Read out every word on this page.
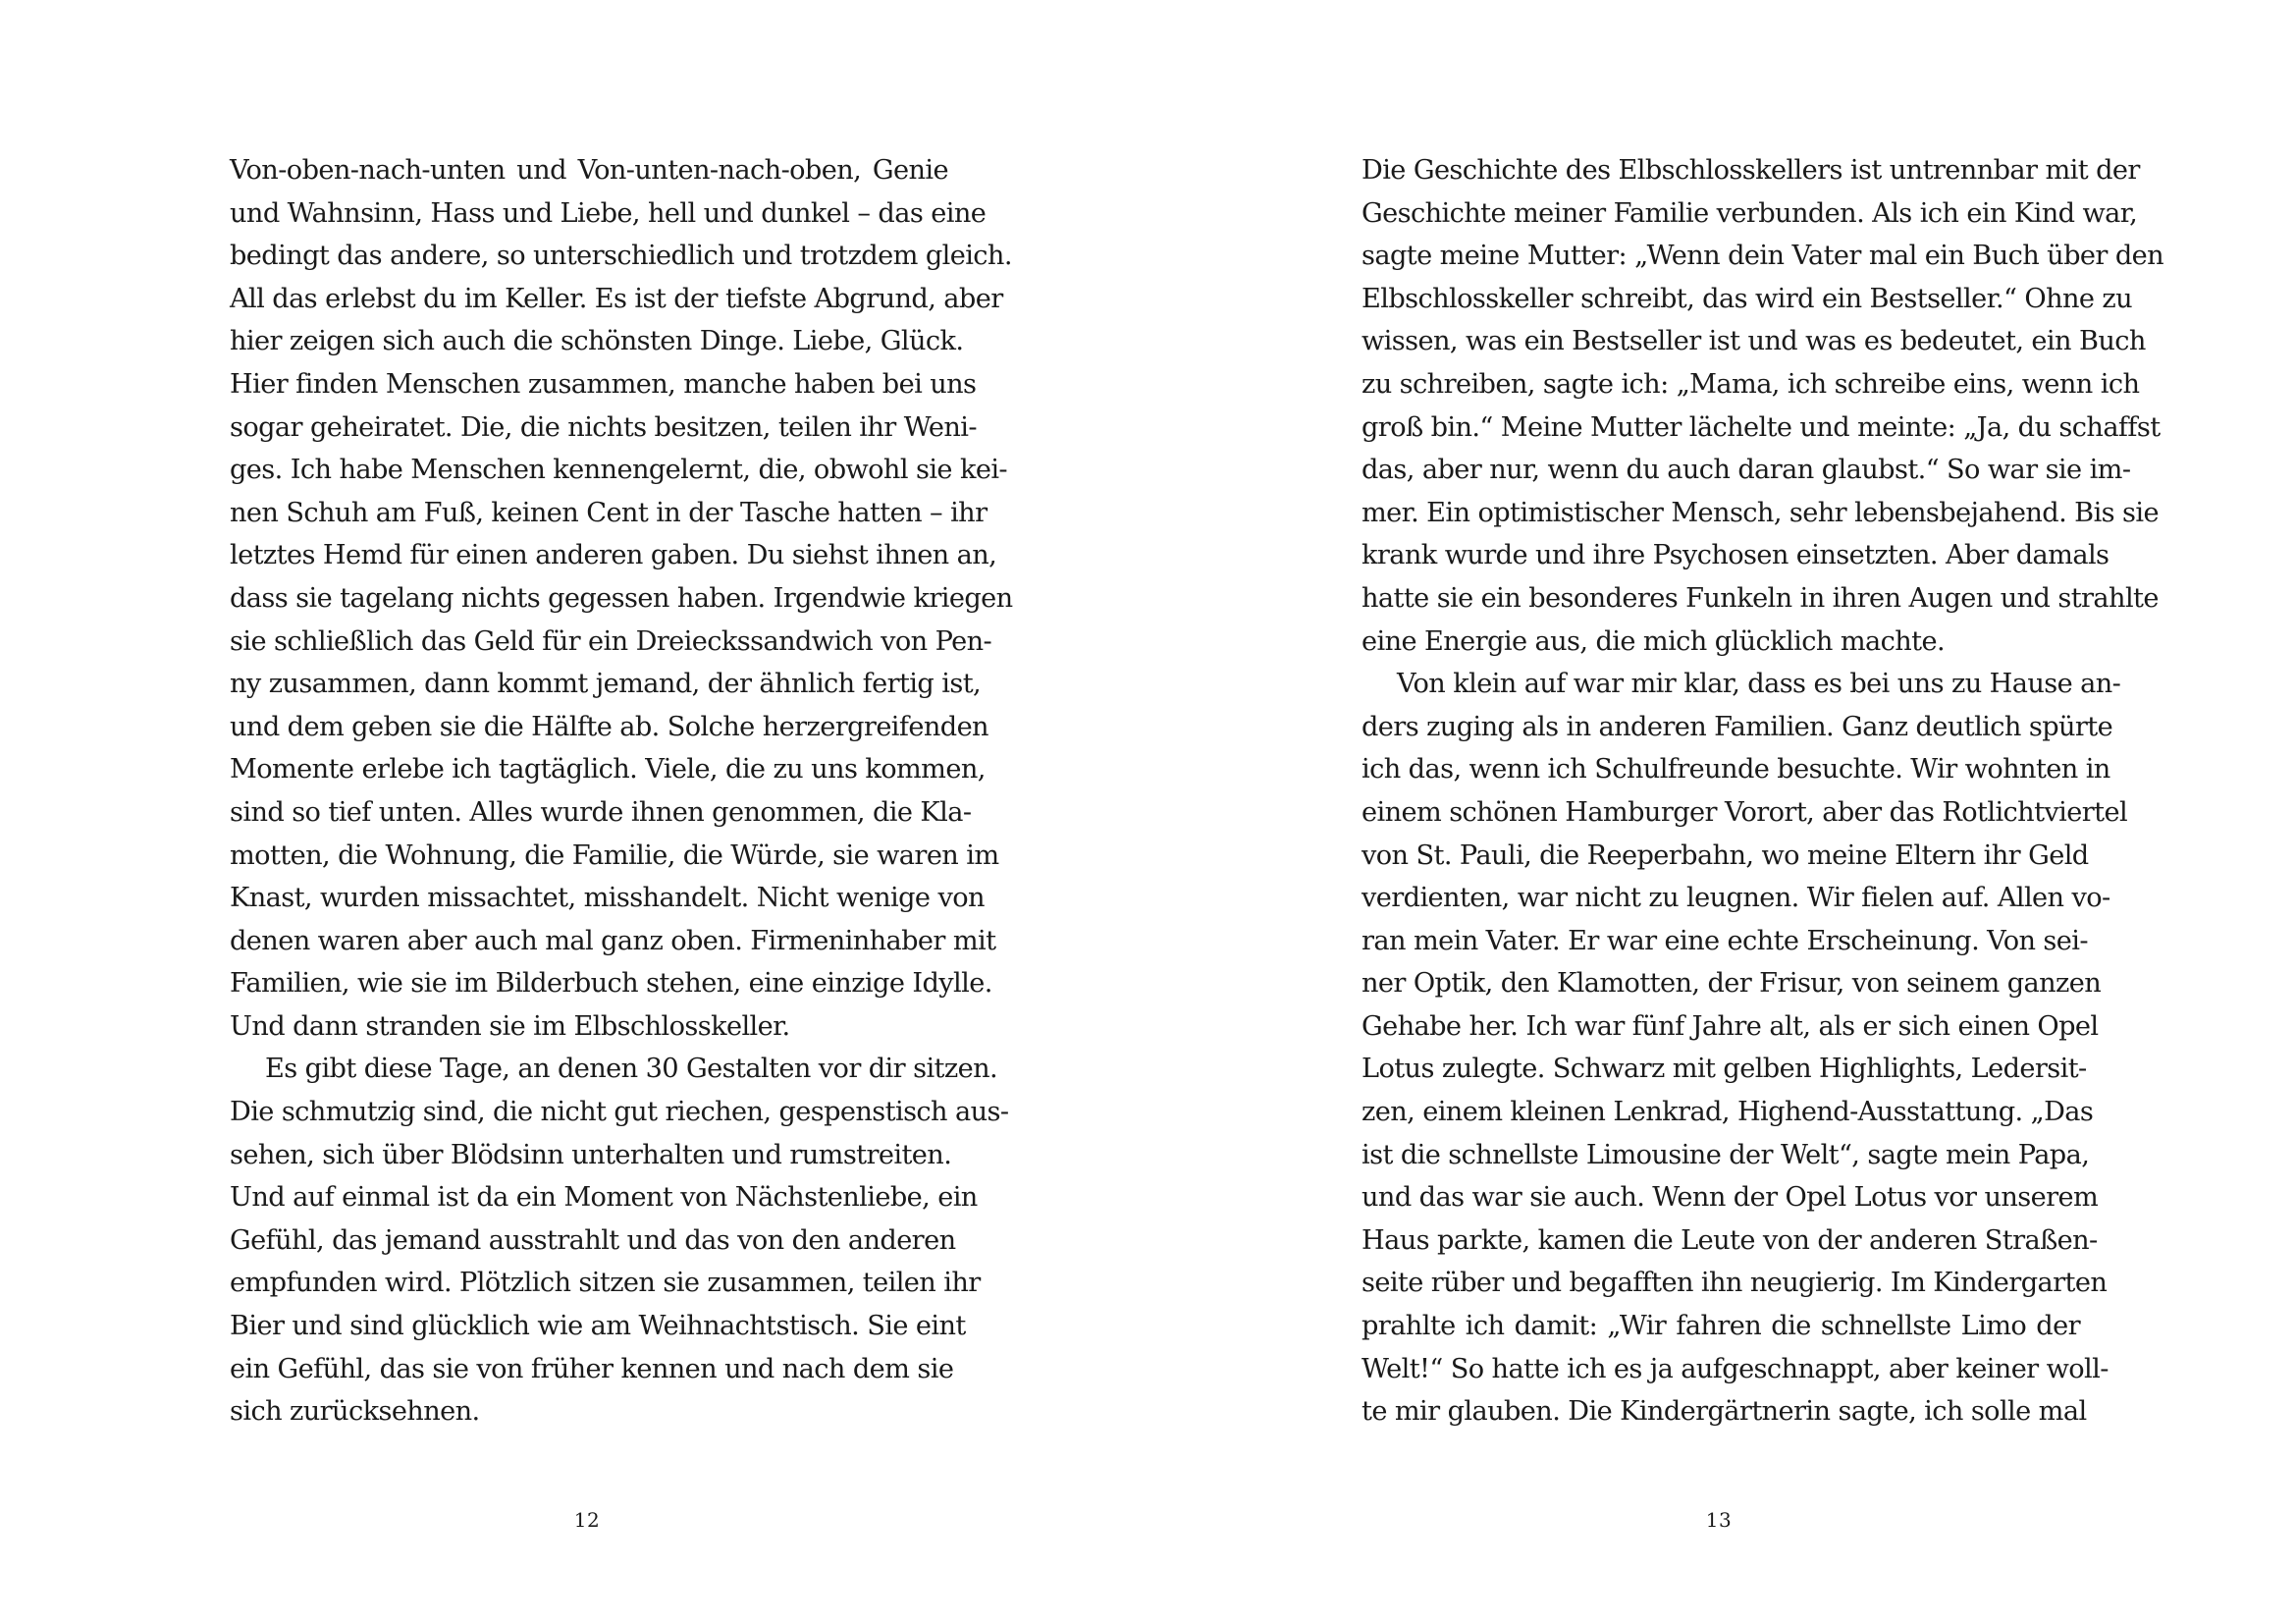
Von-oben-nach-unten und Von-unten-nach-oben, Genie
und Wahnsinn, Hass und Liebe, hell und dunkel – das eine
bedingt das andere, so unterschiedlich und trotzdem gleich.
All das erlebst du im Keller. Es ist der tiefste Abgrund, aber
hier zeigen sich auch die schönsten Dinge. Liebe, Glück.
Hier finden Menschen zusammen, manche haben bei uns
sogar geheiratet. Die, die nichts besitzen, teilen ihr Weni-
ges. Ich habe Menschen kennengelernt, die, obwohl sie kei-
nen Schuh am Fuß, keinen Cent in der Tasche hatten – ihr
letztes Hemd für einen anderen gaben. Du siehst ihnen an,
dass sie tagelang nichts gegessen haben. Irgendwie kriegen
sie schließlich das Geld für ein Dreieckssandwich von Pen-
ny zusammen, dann kommt jemand, der ähnlich fertig ist,
und dem geben sie die Hälfte ab. Solche herzergreifenden
Momente erlebe ich tagtäglich. Viele, die zu uns kommen,
sind so tief unten. Alles wurde ihnen genommen, die Kla-
motten, die Wohnung, die Familie, die Würde, sie waren im
Knast, wurden missachtet, misshandelt. Nicht wenige von
denen waren aber auch mal ganz oben. Firmeninhaber mit
Familien, wie sie im Bilderbuch stehen, eine einzige Idylle.
Und dann stranden sie im Elbschlosskeller.
Es gibt diese Tage, an denen 30 Gestalten vor dir sitzen.
Die schmutzig sind, die nicht gut riechen, gespenstisch aus-
sehen, sich über Blödsinn unterhalten und rumstreiten.
Und auf einmal ist da ein Moment von Nächstenliebe, ein
Gefühl, das jemand ausstrahlt und das von den anderen
empfunden wird. Plötzlich sitzen sie zusammen, teilen ihr
Bier und sind glücklich wie am Weihnachtstisch. Sie eint
ein Gefühl, das sie von früher kennen und nach dem sie
sich zurücksehnen.
12
Die Geschichte des Elbschlosskellers ist untrennbar mit der
Geschichte meiner Familie verbunden. Als ich ein Kind war,
sagte meine Mutter: „Wenn dein Vater mal ein Buch über den
Elbschlosskeller schreibt, das wird ein Bestseller.“ Ohne zu
wissen, was ein Bestseller ist und was es bedeutet, ein Buch
zu schreiben, sagte ich: „Mama, ich schreibe eins, wenn ich
groß bin.“ Meine Mutter lächelte und meinte: „Ja, du schaffst
das, aber nur, wenn du auch daran glaubst.“ So war sie im-
mer. Ein optimistischer Mensch, sehr lebensbejahend. Bis sie
krank wurde und ihre Psychosen einsetzten. Aber damals
hatte sie ein besonderes Funkeln in ihren Augen und strahlte
eine Energie aus, die mich glücklich machte.
Von klein auf war mir klar, dass es bei uns zu Hause an-
ders zuging als in anderen Familien. Ganz deutlich spürte
ich das, wenn ich Schulfreunde besuchte. Wir wohnten in
einem schönen Hamburger Vorort, aber das Rotlichtviertel
von St. Pauli, die Reeperbahn, wo meine Eltern ihr Geld
verdienten, war nicht zu leugnen. Wir fielen auf. Allen vo-
ran mein Vater. Er war eine echte Erscheinung. Von sei-
ner Optik, den Klamotten, der Frisur, von seinem ganzen
Gehabe her. Ich war fünf Jahre alt, als er sich einen Opel
Lotus zulegte. Schwarz mit gelben Highlights, Ledersit-
zen, einem kleinen Lenkrad, Highend-Ausstattung. „Das
ist die schnellste Limousine der Welt“, sagte mein Papa,
und das war sie auch. Wenn der Opel Lotus vor unserem
Haus parkte, kamen die Leute von der anderen Straßen-
seite rüber und begafften ihn neugierig. Im Kindergarten
prahlte ich damit: „Wir fahren die schnellste Limo der
Welt!“ So hatte ich es ja aufgeschnappt, aber keiner woll-
te mir glauben. Die Kindergärtnerin sagte, ich solle mal
13
